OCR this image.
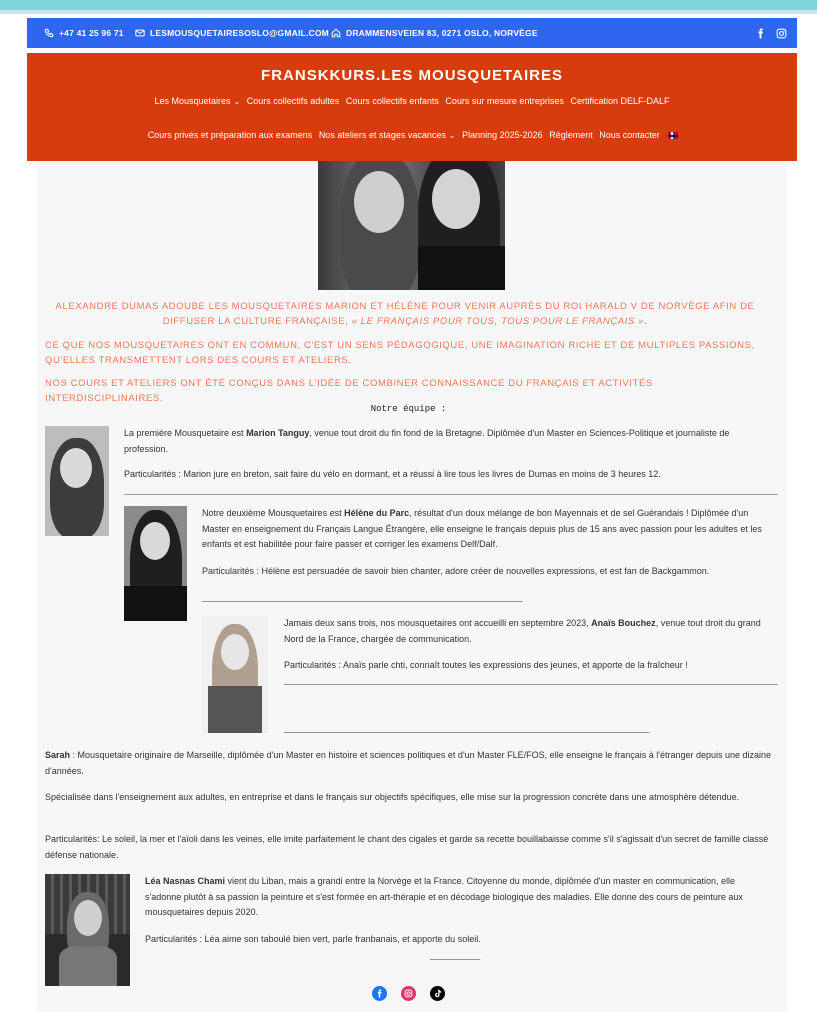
+47 41 25 96 71	LESMOUSQUETAIRESOSLO@GMAIL.COM DRAMMENSVEIEN 83, 0271 OSLO, NORVÈGE
FRANSKKURS.LES MOUSQUETAIRES
Les Mousquetaires ⌄ Cours collectifs adultes Cours collectifs enfants Cours sur mesure entreprises Certification DELF-DALF
Cours privés et préparation aux examens Nos ateliers et stages vacances ⌄ Planning 2025-2026 Règlement Nous contacter
ALEXANDRE DUMAS ADOUBE LES MOUSQUETAIRES MARION ET HÉLÈNE POUR VENIR AUPRÈS DU ROI HARALD V DE NORVÈGE AFIN DE
DIFFUSER LA CULTURE FRANÇAISE, « LE FRANÇAIS POUR TOUS, TOUS POUR LE FRANÇAIS ».
CE QUE NOS MOUSQUETAIRES ONT EN COMMUN, C'EST UN SENS PÉDAGOGIQUE, UNE IMAGINATION RICHE ET DE MULTIPLES PASSIONS,
QU'ELLES TRANSMETTENT LORS DES COURS ET ATELIERS.
NOS COURS ET ATELIERS ONT ÉTÉ CONÇUS DANS L'IDÉE DE COMBINER CONNAISSANCE DU FRANÇAIS ET ACTIVITÉS INTERDISCIPLINAIRES.
Notre équipe :
La première Mousquetaire est Marion Tanguy, venue tout droit du fin fond de la Bretagne. Diplômée d'un Master en Sciences-Politique et journaliste de profession.
Particularités : Marion jure en breton, sait faire du vélo en dormant, et a réussi à lire tous les livres de Dumas en moins de 3 heures 12.
Notre deuxième Mousquetaires est Hélène du Parc, résultat d'un doux mélange de bon Mayennais et de sel Guérandais ! Diplômée d'un Master en enseignement du Français Langue Étrangère, elle enseigne le français depuis plus de 15 ans avec passion pour les adultes et les enfants et est habilitée pour faire passer et corriger les examens Delf/Dalf.
Particularités : Hélène est persuadée de savoir bien chanter, adore créer de nouvelles expressions, et est fan de Backgammon.
_______________________________________________________________________
Jamais deux sans trois, nos mousquetaires ont accueilli en septembre 2023, Anaïs Bouchez, venue tout droit du grand Nord de la France, chargée de communication.
Particularités : Anaïs parle chti, connaît toutes les expressions des jeunes, et apporte de la fraîcheur !
_________________________________________________________________________________
Sarah : Mousquetaire originaire de Marseille, diplômée d'un Master en histoire et sciences politiques et d'un Master FLE/FOS, elle enseigne le français à l'étranger depuis une dizaine d'années.
Spécialisée dans l'enseignement aux adultes, en entreprise et dans le français sur objectifs spécifiques, elle mise sur la progression concrète dans une atmosphère détendue.
Particularités: Le soleil, la mer et l'aïoli dans les veines, elle imite parfaitement le chant des cigales et garde sa recette bouillabaisse comme s'il s'agissait d'un secret de famille classé défense nationale.
Léa Nasnas Chami vient du Liban, mais a grandi entre la Norvège et la France. Citoyenne du monde, diplômée d'un master en communication, elle s'adonne plutôt à sa passion la peinture et s'est formée en art-thérapie et en décodage biologique des maladies. Elle donne des cours de peinture aux mousquetaires depuis 2020.
Particularités : Léa aime son taboulé bien vert, parle franbanais, et apporte du soleil.
___________
